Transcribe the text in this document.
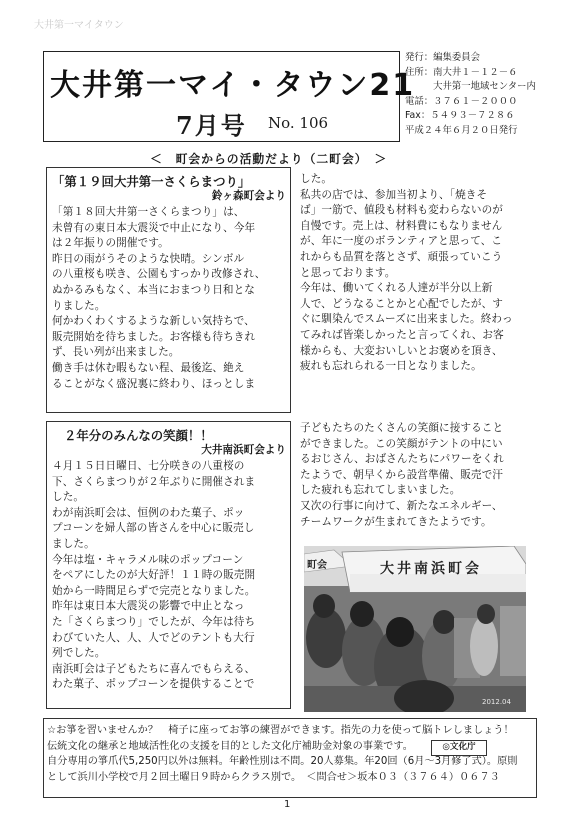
大井第一マイタウン
大井第一マイ・タウン21
7月号 No. 106

発行：編集委員会

住所：南大井１－１２－６

　　　大井第一地域センター内

電話：３７６１－２０００

Fax：５４９３－７２８６

平成２４年６月２０日発行

＜　町会からの活動だより（二町会）　＞
「第１９回大井第一さくらまつり」
鈴ヶ森町会より

「第１８回大井第一さくらまつり」は、

未曾有の東日本大震災で中止になり、今年

は２年振りの開催です。

昨日の雨がうそのような快晴。シンボル

の八重桜も咲き、公園もすっかり改修され、

ぬかるみもなく、本当におまつり日和とな

りました。

何かわくわくするような新しい気持ちで、

販売開始を待ちました。お客様も待ちきれ

ず、長い列が出来ました。

働き手は休む暇もない程、最後迄、絶え

ることがなく盛況裏に終わり、ほっとしま

した。

私共の店では、参加当初より、「焼きそ

ば」一筋で、値段も材料も変わらないのが

自慢です。売上は、材料費にもなりません

が、年に一度のボランティアと思って、こ

れからも品質を落とさず、頑張っていこう

と思っております。

今年は、働いてくれる人達が半分以上新

人で、どうなることかと心配でしたが、す

ぐに馴染んでスムーズに出来ました。終わっ

てみれば皆楽しかったと言ってくれ、お客

様からも、大変おいしいとお褒めを頂き、

疲れも忘れられる一日となりました。

２年分のみんなの笑顔！！
大井南浜町会より

４月１５日日曜日、七分咲きの八重桜の

下、さくらまつりが２年ぶりに開催されま

した。

わが南浜町会は、恒例のわた菓子、ポッ

プコーンを婦人部の皆さんを中心に販売し

ました。

今年は塩・キャラメル味のポップコーン

をペアにしたのが大好評！１１時の販売開

始から一時間足らずで完売となりました。

昨年は東日本大震災の影響で中止となっ

た「さくらまつり」でしたが、今年は待ち

わびていた人、人、人でどのテントも大行

列でした。

南浜町会は子どもたちに喜んでもらえる、

わた菓子、ポップコーンを提供することで

子どもたちのたくさんの笑顔に接すること

ができました。この笑顔がテントの中にい

るおじさん、おばさんたちにパワーをくれ

たようで、朝早くから設営準備、販売で汗

した疲れも忘れてしまいました。

又次の行事に向けて、新たなエネルギー、

チームワークが生まれてきたようです。

大井南浜町会
町会
2012.04

☆お箏を習いませんか？　椅子に座ってお箏の練習ができます。指先の力を使って脳トレしましょう！

伝統文化の継承と地域活性化の支援を目的とした文化庁補助金対象の事業です。

自分専用の箏爪代5,250円以外は無料。年齢性別は不問。20人募集。年20回（6月～3月修了式）。原則

として浜川小学校で月２回土曜日９時からクラス別で。　＜問合せ＞坂本０３（３７６４）０６７３

◎文化庁
1
